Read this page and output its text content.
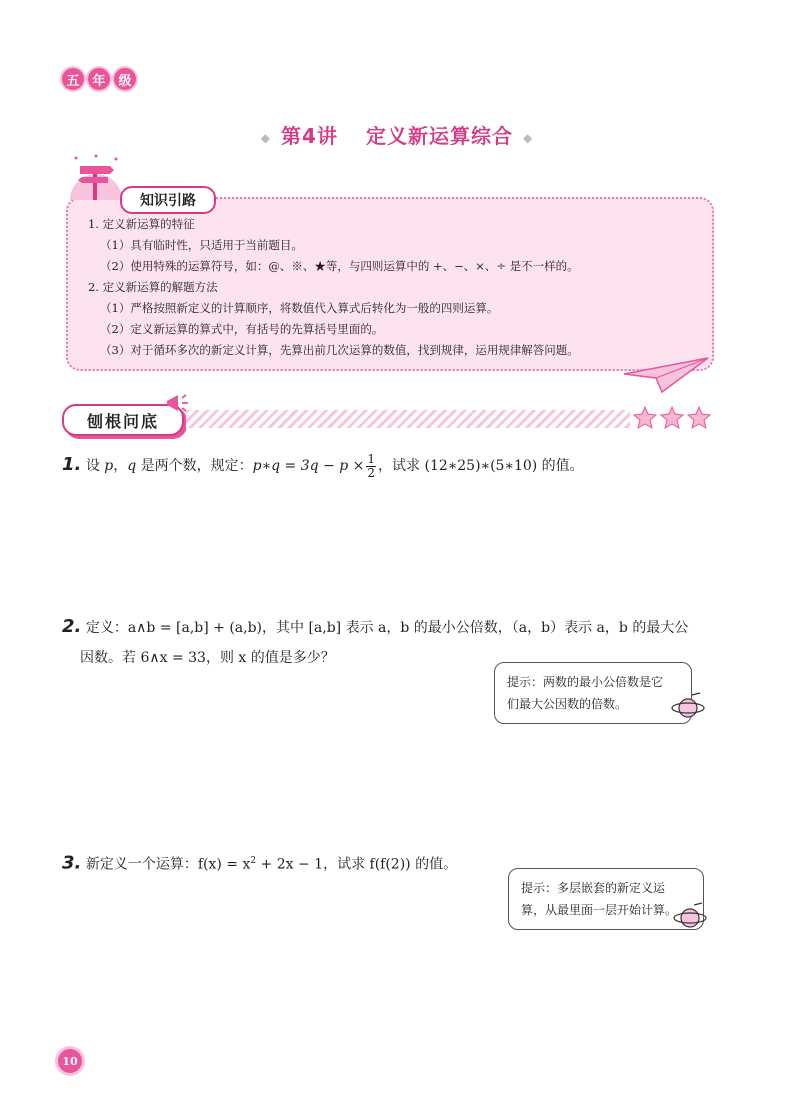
五 年 级
◆ 第4讲 定义新运算综合 ◆
知识引路
1. 定义新运算的特征
（1）具有临时性，只适用于当前题目。
（2）使用特殊的运算符号，如：@、※、★等，与四则运算中的 +、−、×、÷ 是不一样的。
2. 定义新运算的解题方法
（1）严格按照新定义的计算顺序，将数值代入算式后转化为一般的四则运算。
（2）定义新运算的算式中，有括号的先算括号里面的。
（3）对于循环多次的新定义计算，先算出前几次运算的数值，找到规律，运用规律解答问题。
刨根问底
1. 设 p，q 是两个数，规定：p∗q = $3q - p \times \frac{1}{2}$ ，试求 (12∗25)∗(5∗10) 的值。
2. 定义：a∧b = [a,b] + (a,b)，其中 [a,b] 表示 a，b 的最小公倍数，（a，b）表示 a，b 的最大公
因数。若 6∧x = 33，则 x 的值是多少？
提示：两数的最小公倍数是它
们最大公因数的倍数。
3. 新定义一个运算：$f(x) = x^2 + 2x - 1$，试求 f(f(2)) 的值。
提示：多层嵌套的新定义运
算，从最里面一层开始计算。
10
